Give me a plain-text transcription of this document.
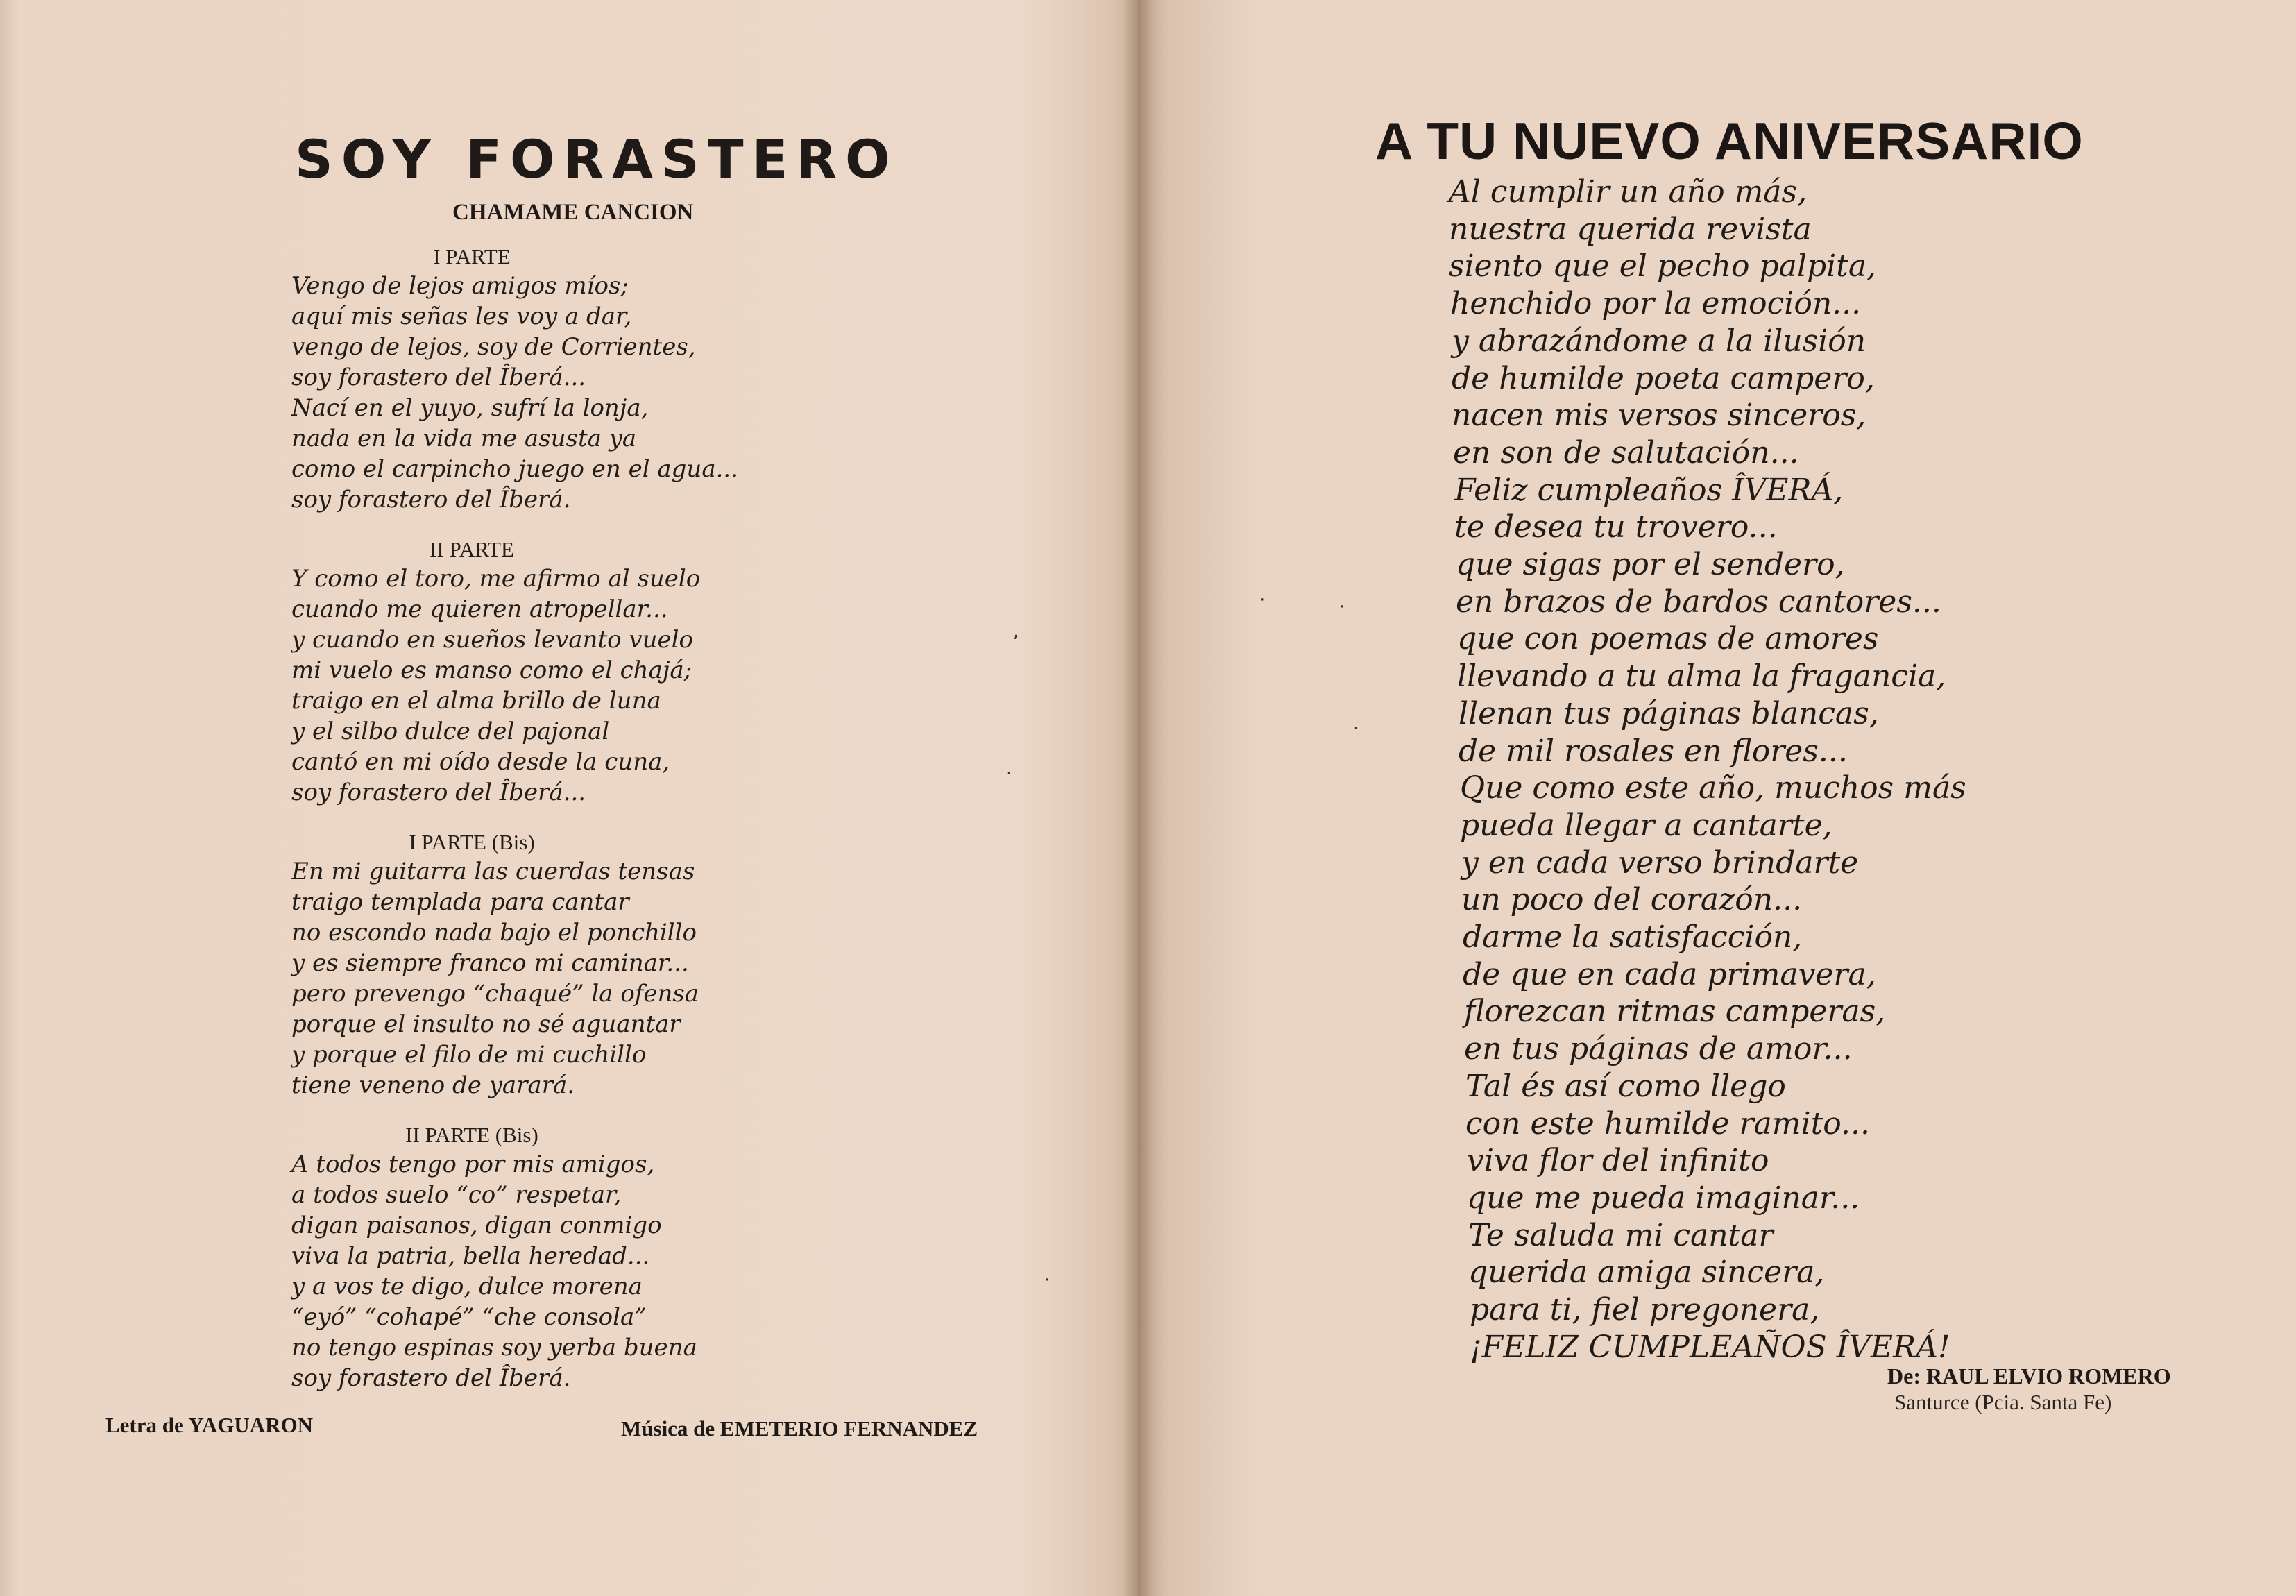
SOY FORASTERO
CHAMAME CANCION
I PARTE
Vengo de lejos amigos míos;
aquí mis señas les voy a dar,
vengo de lejos, soy de Corrientes,
soy forastero del Îberá...
Nací en el yuyo, sufrí la lonja,
nada en la vida me asusta ya
como el carpincho juego en el agua...
soy forastero del Îberá.
II PARTE
Y como el toro, me afirmo al suelo
cuando me quieren atropellar...
y cuando en sueños levanto vuelo
mi vuelo es manso como el chajá;
traigo en el alma brillo de luna
y el silbo dulce del pajonal
cantó en mi oído desde la cuna,
soy forastero del Îberá...
I PARTE (Bis)
En mi guitarra las cuerdas tensas
traigo templada para cantar
no escondo nada bajo el ponchillo
y es siempre franco mi caminar...
pero prevengo “chaqué” la ofensa
porque el insulto no sé aguantar
y porque el filo de mi cuchillo
tiene veneno de yarará.
II PARTE (Bis)
A todos tengo por mis amigos,
a todos suelo “co” respetar,
digan paisanos, digan conmigo
viva la patria, bella heredad...
y a vos te digo, dulce morena
“eyó” “cohapé” “che consola”
no tengo espinas soy yerba buena
soy forastero del Îberá.
Letra de YAGUARON	Música de EMETERIO FERNANDEZ
A TU NUEVO ANIVERSARIO
Al cumplir un año más,
nuestra querida revista
siento que el pecho palpita,
henchido por la emoción...
y abrazándome a la ilusión
de humilde poeta campero,
nacen mis versos sinceros,
en son de salutación...
Feliz cumpleaños ÎVERÁ,
te desea tu trovero...
que sigas por el sendero,
en brazos de bardos cantores...
que con poemas de amores
llevando a tu alma la fragancia,
llenan tus páginas blancas,
de mil rosales en flores...
Que como este año, muchos más
pueda llegar a cantarte,
y en cada verso brindarte
un poco del corazón...
darme la satisfacción,
de que en cada primavera,
florezcan ritmas camperas,
en tus páginas de amor...
Tal és así como llego
con este humilde ramito...
viva flor del infinito
que me pueda imaginar...
Te saluda mi cantar
querida amiga sincera,
para ti, fiel pregonera,
¡FELIZ CUMPLEAÑOS ÎVERÁ!
De: RAUL ELVIO ROMERO
Santurce (Pcia. Santa Fe)
,
·
·
·	·
·
